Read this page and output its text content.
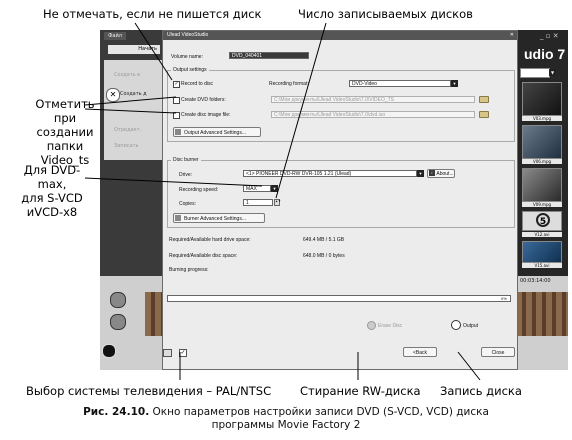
Файл
Начать
Создать в
✕ Создать д
Отредакт.
Записать
udio 7
_ ▫ ✕
▼
V03.mpg
V06.mpg
V09.mpg
5
V12.avi
V15.avi
00:03:14:00
Ulead VideoStudio	✕
Volume name:	DVD_040401
Output settings
✓ Record to disc	Recording format:	DVD-Video	▼
Create DVD folders:	C:\Мои документы\Ulead VideoStudio\7.0\VIDEO_TS
Create disc image file:	C:\Мои документы\Ulead VideoStudio\7.0\dvd.iso
Output Advanced Settings...
Disc burner
Drive:	<1> PIONEER DVD-RW DVR-105 1.21 (Ulead)	▼	About...
i
Recording speed:	MAX	▼
Copies:	1	▲▼
Burner Advanced Settings...
Required/Available hard drive space:	649.4 MB / 5.1 GB
Required/Available disc space:	648.0 MB / 0 bytes
Burning progress:
0%
Erase Disc	Output
✓	<Back	Close
Не отмечать, если не пишется диск	Число записываемых дисков
Отметить
при создании
папки
Video_ts
Для DVD-max,
для S-VCD
иVCD-x8
Выбор системы телевидения – PAL/NTSC	Стирание RW-диска Запись диска
Рис. 24.10. Окно параметров настройки записи DVD (S-VCD, VCD) диска
программы Movie Factory 2
